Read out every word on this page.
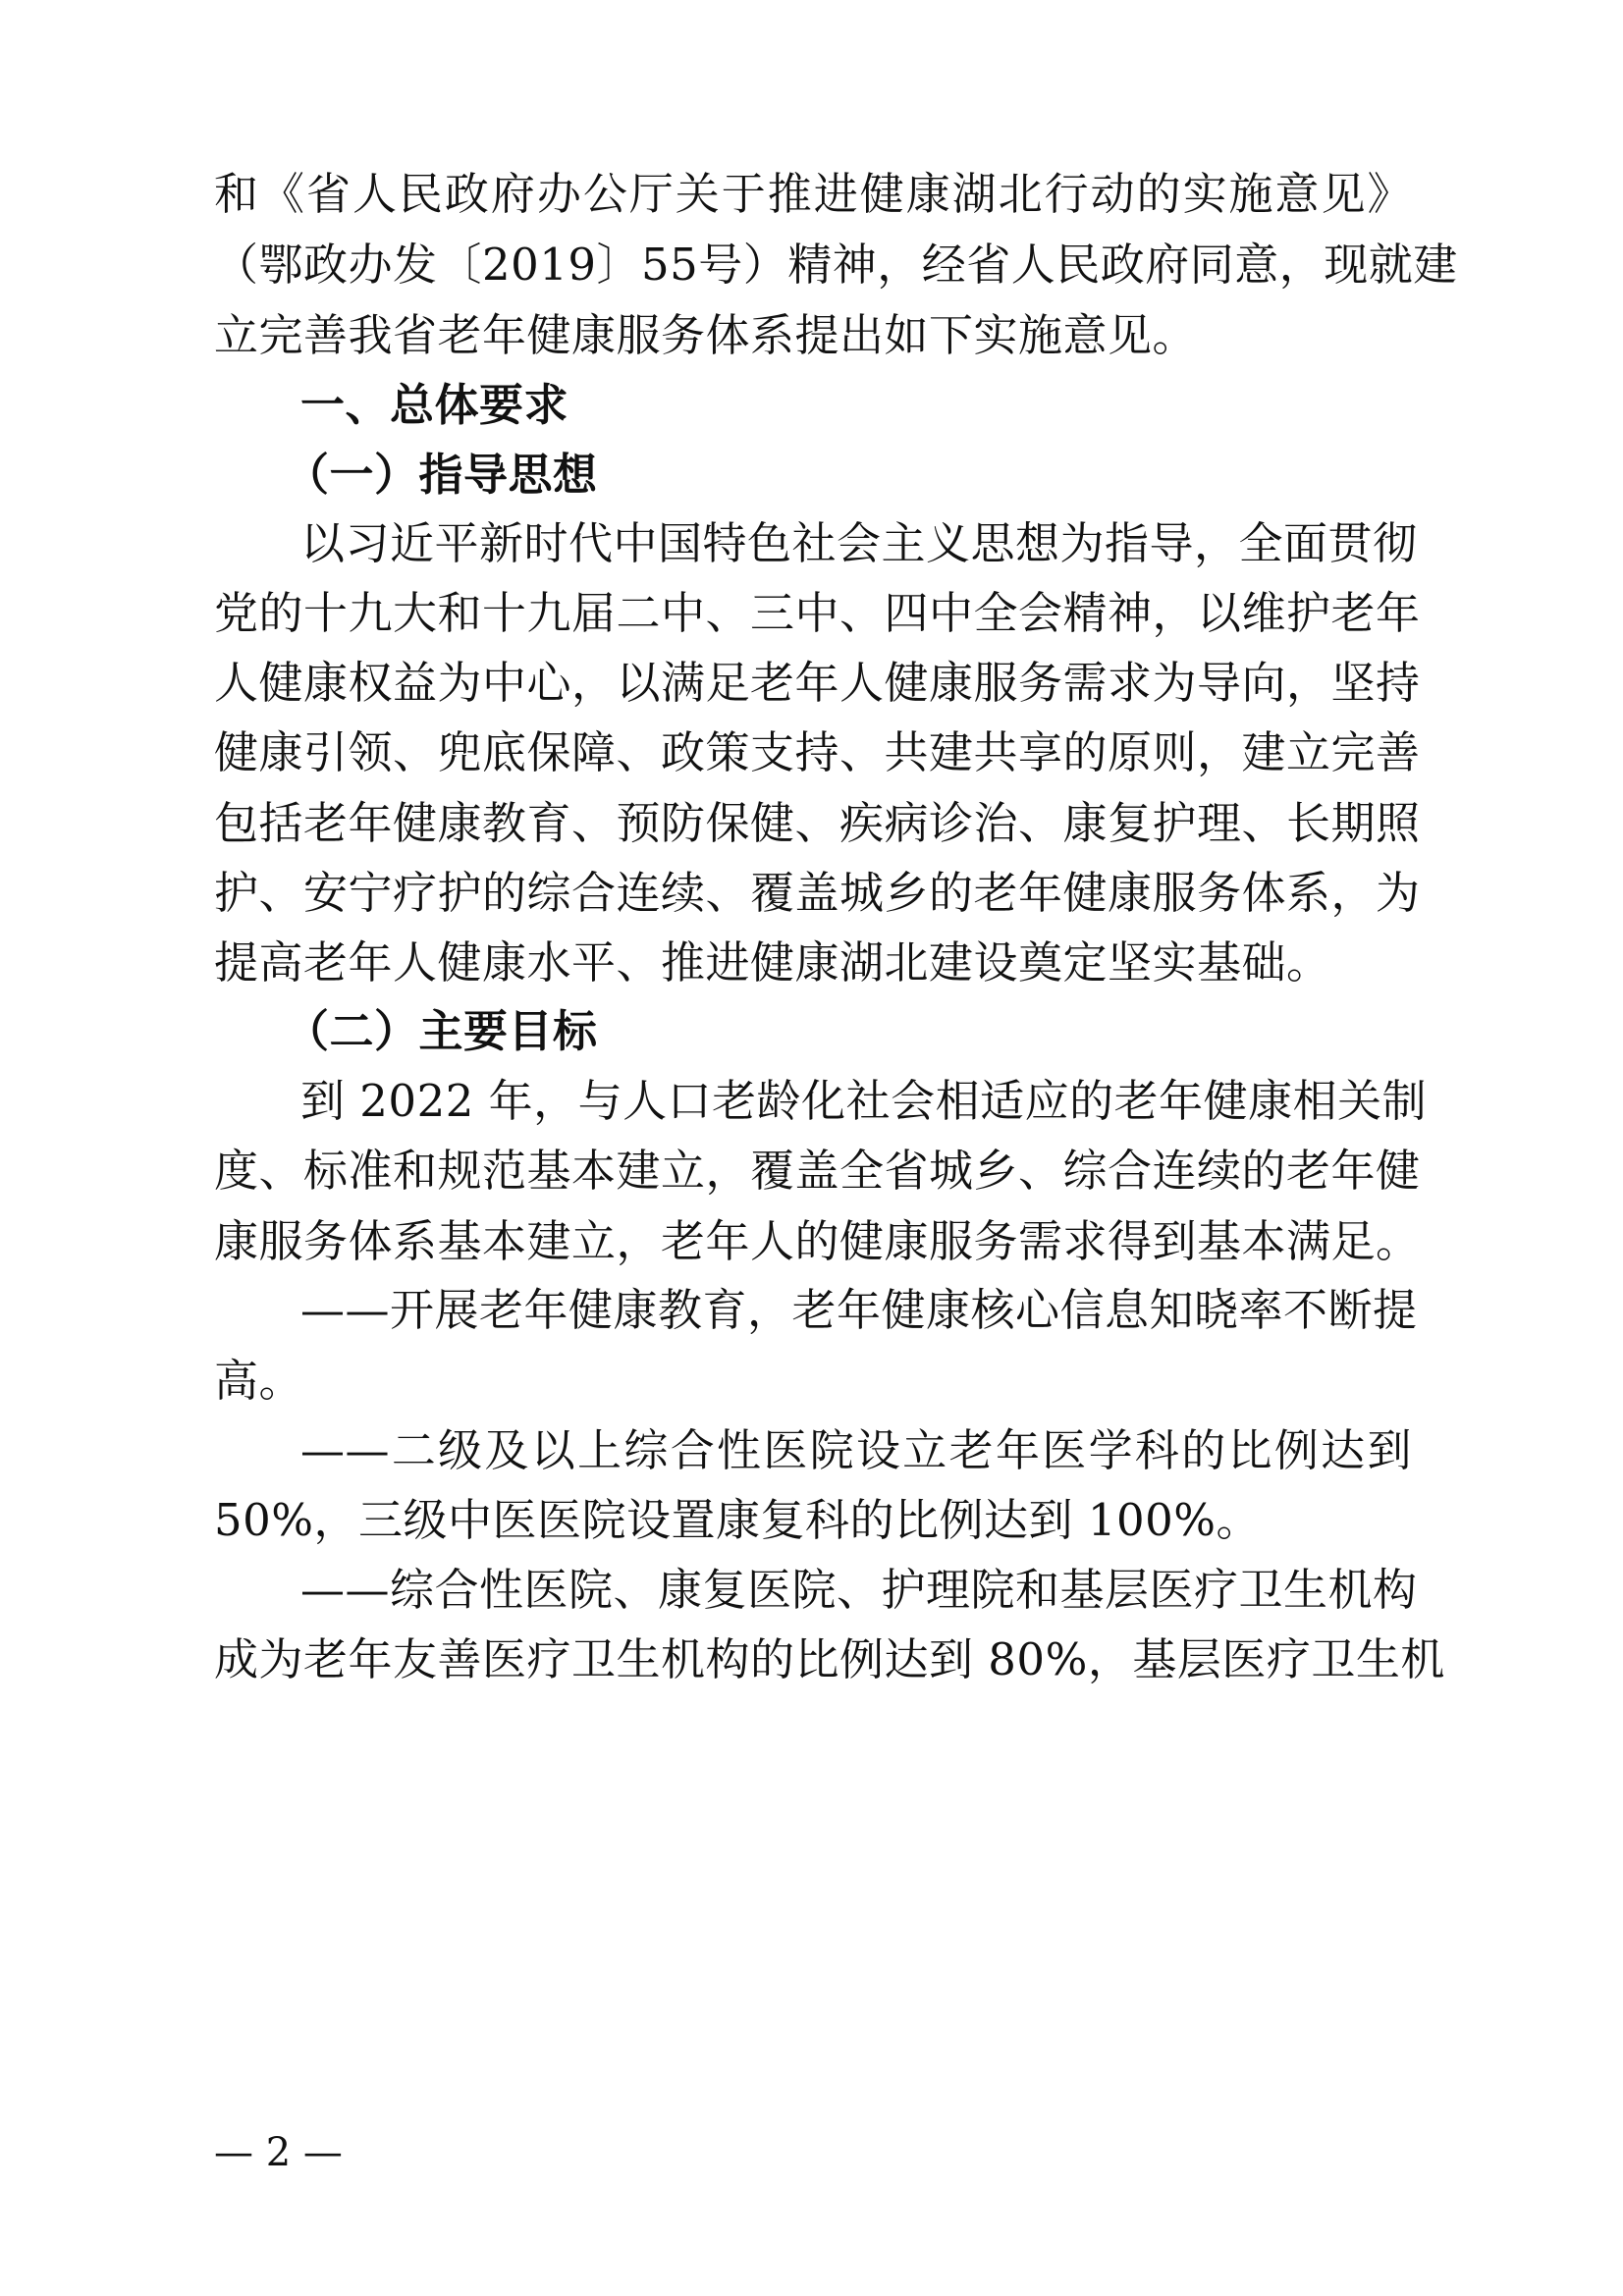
和《省人民政府办公厅关于推进健康湖北行动的实施意见》
（鄂政办发〔2019〕55号）精神，经省人民政府同意，现就建
立完善我省老年健康服务体系提出如下实施意见。
一、总体要求
（一）指导思想
以习近平新时代中国特色社会主义思想为指导，全面贯彻
党的十九大和十九届二中、三中、四中全会精神，以维护老年
人健康权益为中心，以满足老年人健康服务需求为导向，坚持
健康引领、兜底保障、政策支持、共建共享的原则，建立完善
包括老年健康教育、预防保健、疾病诊治、康复护理、长期照
护、安宁疗护的综合连续、覆盖城乡的老年健康服务体系，为
提高老年人健康水平、推进健康湖北建设奠定坚实基础。
（二）主要目标
到 2022 年，与人口老龄化社会相适应的老年健康相关制
度、标准和规范基本建立，覆盖全省城乡、综合连续的老年健
康服务体系基本建立，老年人的健康服务需求得到基本满足。
——开展老年健康教育，老年健康核心信息知晓率不断提
高。
——二级及以上综合性医院设立老年医学科的比例达到
50%，三级中医医院设置康复科的比例达到 100%。
——综合性医院、康复医院、护理院和基层医疗卫生机构
成为老年友善医疗卫生机构的比例达到 80%，基层医疗卫生机
— 2 —
